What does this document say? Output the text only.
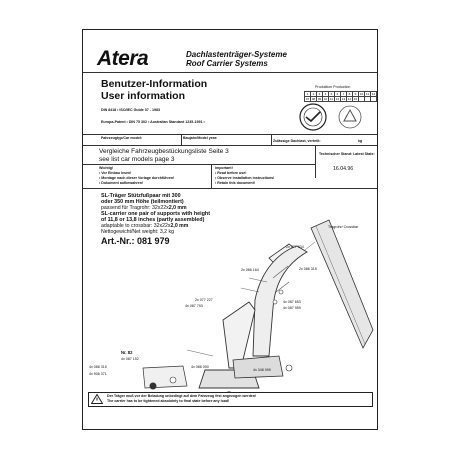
Atera	Dachlastenträger-Systeme
Roof Carrier Systems
Benutzer-Information
User information
DIN 8418 • ISO/IEC Guide 37 - 1983
Europa-Patent • DIN 75 302 • Australian Standard 1235-1991 •
Produktion Production
1	2	3	4	5	6	7	8	9	10	11	12
07	08	09	10	11	12	13	14	15			
Fahrzeugtyp/Car model:	Baujahr/Model year:
Zulässige Dachlast, verteilt:	kg
Vergleiche Fahrzeugbestückungsliste Seite 3
see list car models page 3
Technischer Stand: Latest State:
16.04.96
Wichtig!
• Vor Einbau lesen!
• Montage nach dieser Vorlage durchführen!
• Dokument aufbewahren!
Important!
• Read before use!
• Observe installation instructions!
• Retain this document!
SL-Träger Stützfußpaar mit 300
oder 350 mm Höhe (teilmontiert)
passend für Tragrohr: 32x22x2,0 mm
SL-carrier one pair of supports with height
of 11,8 or 13,8 inches (partly assembled)
adaptable to crossbar: 32x22x2,0 mm
Nettogewicht/Net weight: 3,2 kg
Art.-Nr.: 081 979
Tragrohr/ Crossbar
2x 077 934
2x 066 164	2x 086 315
2x 077 227	4x 087 653
4x 087 959
4x 087 793
Nr. 82
4x 087 152
4x 086 315
4x 906 371
4x 086 000
4x 348 099
Der Träger muß vor der Beladung unbedingt auf dem Fahrzeug fest angezogen werden!
The carrier has to be tightened absolutely to final state before any load!
